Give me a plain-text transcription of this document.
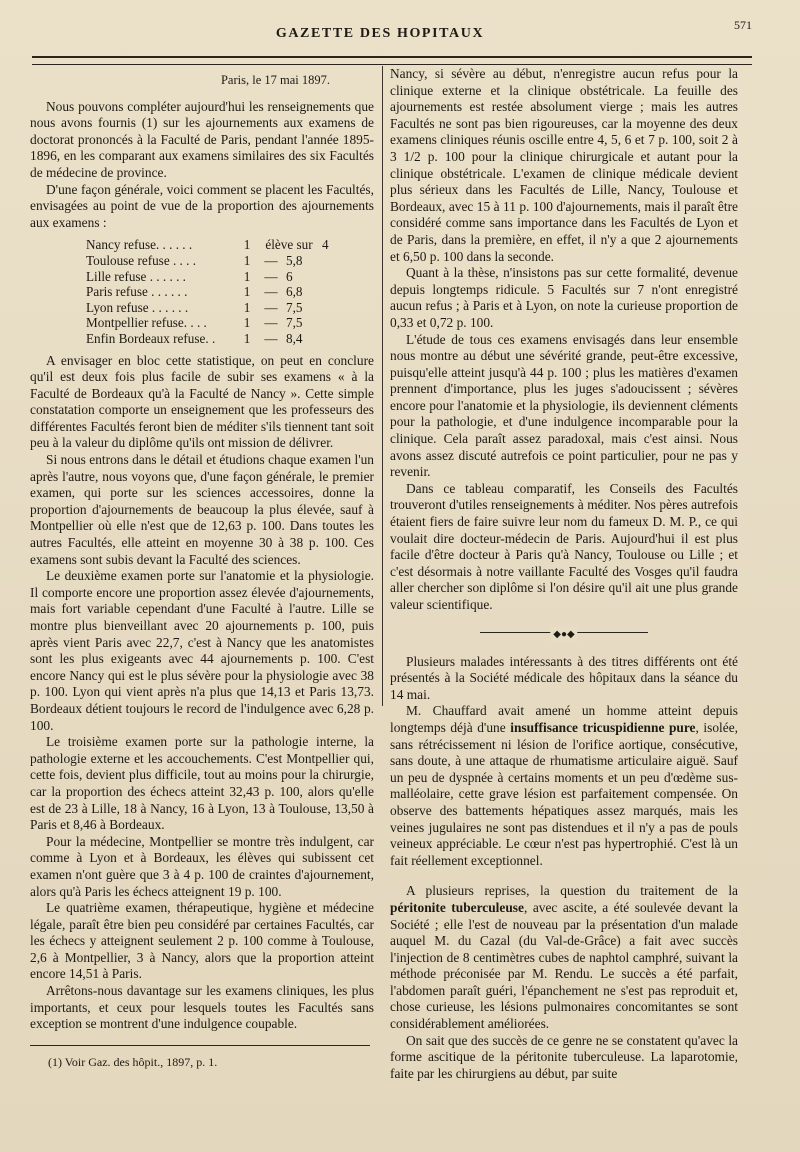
GAZETTE DES HOPITAUX
571

Paris, le 17 mai 1897.

Nous pouvons compléter aujourd'hui les renseignements que nous avons fournis (1) sur les ajournements aux examens de doctorat prononcés à la Faculté de Paris, pendant l'année 1895-1896, en les comparant aux examens similaires des six Facultés de médecine de province.

D'une façon générale, voici comment se placent les Facultés, envisagées au point de vue de la proportion des ajournements aux examens :

Nancy refuse. . . . . .	1	élève sur 4
Toulouse refuse . . . .	1	— 5,8
Lille refuse . . . . . .	1	— 6
Paris refuse . . . . . .	1	— 6,8
Lyon refuse . . . . . .	1	— 7,5
Montpellier refuse. . . .	1	— 7,5
Enfin Bordeaux refuse. .	1	— 8,4

A envisager en bloc cette statistique, on peut en conclure qu'il est deux fois plus facile de subir ses examens « à la Faculté de Bordeaux qu'à la Faculté de Nancy ». Cette simple constatation comporte un enseignement que les professeurs des différentes Facultés feront bien de méditer s'ils tiennent tant soit peu à la valeur du diplôme qu'ils ont mission de délivrer.

Si nous entrons dans le détail et étudions chaque examen l'un après l'autre, nous voyons que, d'une façon générale, le premier examen, qui porte sur les sciences accessoires, donne la proportion d'ajournements de beaucoup la plus élevée, sauf à Montpellier où elle n'est que de 12,63 p. 100. Dans toutes les autres Facultés, elle atteint en moyenne 30 à 38 p. 100. Ces examens sont subis devant la Faculté des sciences.

Le deuxième examen porte sur l'anatomie et la physiologie. Il comporte encore une proportion assez élevée d'ajournements, mais fort variable cependant d'une Faculté à l'autre. Lille se montre plus bienveillant avec 20 ajournements p. 100, puis après vient Paris avec 22,7, c'est à Nancy que les anatomistes sont les plus exigeants avec 44 ajournements p. 100. C'est encore Nancy qui est le plus sévère pour la physiologie avec 38 p. 100. Lyon qui vient après n'a plus que 14,13 et Paris 13,73. Bordeaux détient toujours le record de l'indulgence avec 6,28 p. 100.

Le troisième examen porte sur la pathologie interne, la pathologie externe et les accouchements. C'est Montpellier qui, cette fois, devient plus difficile, tout au moins pour la chirurgie, car la proportion des échecs atteint 32,43 p. 100, alors qu'elle est de 23 à Lille, 18 à Nancy, 16 à Lyon, 13 à Toulouse, 13,50 à Paris et 8,46 à Bordeaux.

Pour la médecine, Montpellier se montre très indulgent, car comme à Lyon et à Bordeaux, les élèves qui subissent cet examen n'ont guère que 3 à 4 p. 100 de craintes d'ajournement, alors qu'à Paris les échecs atteignent 19 p. 100.

Le quatrième examen, thérapeutique, hygiène et médecine légale, paraît être bien peu considéré par certaines Facultés, car les échecs y atteignent seulement 2 p. 100 comme à Toulouse, 2,6 à Montpellier, 3 à Nancy, alors que la proportion atteint encore 14,51 à Paris.

Arrêtons-nous davantage sur les examens cliniques, les plus importants, et ceux pour lesquels toutes les Facultés sans exception se montrent d'une indulgence coupable.

(1) Voir Gaz. des hôpit., 1897, p. 1.

Nancy, si sévère au début, n'enregistre aucun refus pour la clinique externe et la clinique obstétricale. La feuille des ajournements est restée absolument vierge ; mais les autres Facultés ne sont pas bien rigoureuses, car la moyenne des deux examens cliniques réunis oscille entre 4, 5, 6 et 7 p. 100, soit 2 à 3 1/2 p. 100 pour la clinique chirurgicale et autant pour la clinique obstétricale. L'examen de clinique médicale devient plus sérieux dans les Facultés de Lille, Nancy, Toulouse et Bordeaux, avec 15 à 11 p. 100 d'ajournements, mais il paraît être considéré comme sans importance dans les Facultés de Lyon et de Paris, dans la première, en effet, il n'y a que 2 ajournements et 6,50 p. 100 dans la seconde.

Quant à la thèse, n'insistons pas sur cette formalité, devenue depuis longtemps ridicule. 5 Facultés sur 7 n'ont enregistré aucun refus ; à Paris et à Lyon, on note la curieuse proportion de 0,33 et 0,72 p. 100.

L'étude de tous ces examens envisagés dans leur ensemble nous montre au début une sévérité grande, peut-être excessive, puisqu'elle atteint jusqu'à 44 p. 100 ; plus les matières d'examen prennent d'importance, plus les juges s'adoucissent ; sévères encore pour l'anatomie et la physiologie, ils deviennent cléments pour la pathologie, et d'une indulgence incomparable pour la clinique. Cela paraît assez paradoxal, mais c'est ainsi. Nous avons assez discuté autrefois ce point particulier, pour ne pas y revenir.

Dans ce tableau comparatif, les Conseils des Facultés trouveront d'utiles renseignements à méditer. Nos pères autrefois étaient fiers de faire suivre leur nom du fameux D. M. P., ce qui voulait dire docteur-médecin de Paris. Aujourd'hui il est plus facile d'être docteur à Paris qu'à Nancy, Toulouse ou Lille ; et c'est désormais à notre vaillante Faculté des Vosges qu'il faudra aller chercher son diplôme si l'on désire qu'il ait une plus grande valeur scientifique.

◆●◆

Plusieurs malades intéressants à des titres différents ont été présentés à la Société médicale des hôpitaux dans la séance du 14 mai.

M. Chauffard avait amené un homme atteint depuis longtemps déjà d'une insuffisance tricuspidienne pure, isolée, sans rétrécissement ni lésion de l'orifice aortique, consécutive, sans doute, à une attaque de rhumatisme articulaire aiguë. Sauf un peu de dyspnée à certains moments et un peu d'œdème sus-malléolaire, cette grave lésion est parfaitement compensée. On observe des battements hépatiques assez marqués, mais les veines jugulaires ne sont pas distendues et il n'y a pas de pouls veineux appréciable. Le cœur n'est pas hypertrophié. C'est là un fait réellement exceptionnel.

A plusieurs reprises, la question du traitement de la péritonite tuberculeuse, avec ascite, a été soulevée devant la Société ; elle l'est de nouveau par la présentation d'un malade auquel M. du Cazal (du Val-de-Grâce) a fait avec succès l'injection de 8 centimètres cubes de naphtol camphré, suivant la méthode préconisée par M. Rendu. Le succès a été parfait, l'abdomen paraît guéri, l'épanchement ne s'est pas reproduit et, chose curieuse, les lésions pulmonaires concomitantes se sont considérablement améliorées.

On sait que des succès de ce genre ne se constatent qu'avec la forme ascitique de la péritonite tuberculeuse. La laparotomie, faite par les chirurgiens au début, par suite
